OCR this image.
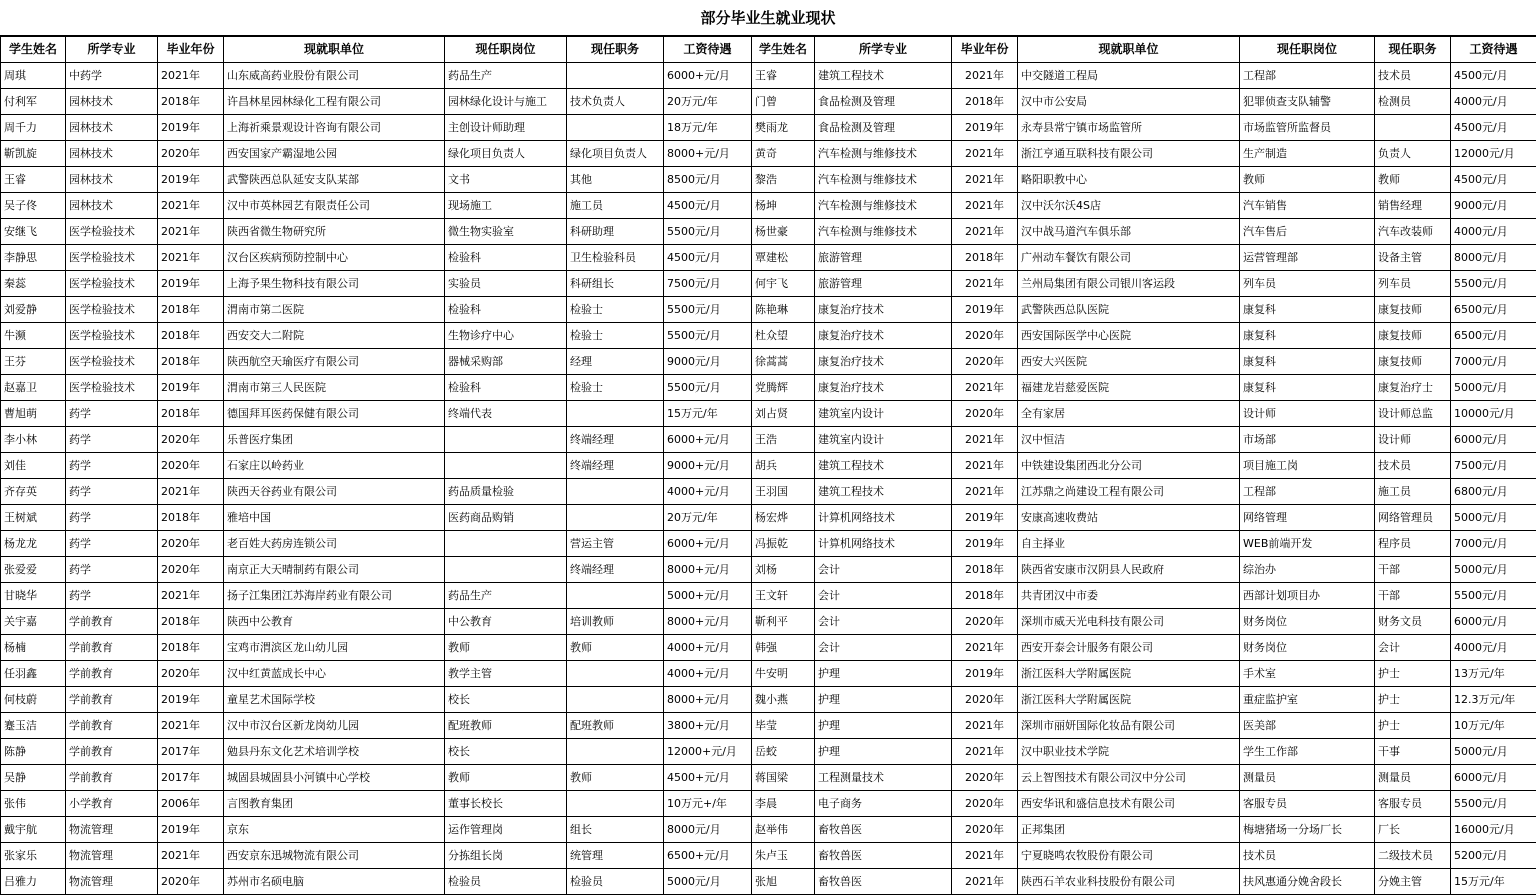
部分毕业生就业现状
学生姓名	所学专业	毕业年份	现就职单位	现任职岗位	现任职务	工资待遇	学生姓名	所学专业	毕业年份	现就职单位	现任职岗位	现任职务	工资待遇
周琪	中药学	2021年	山东威高药业股份有限公司	药品生产		6000+元/月	王睿	建筑工程技术	2021年	中交隧道工程局	工程部	技术员	4500元/月
付利军	园林技术	2018年	许昌林星园林绿化工程有限公司	园林绿化设计与施工	技术负责人	20万元/年	门曾	食品检测及管理	2018年	汉中市公安局	犯罪侦查支队辅警	检测员	4000元/月
周千力	园林技术	2019年	上海祈乘景观设计咨询有限公司	主创设计师助理		18万元/年	樊雨龙	食品检测及管理	2019年	永寿县常宁镇市场监管所	市场监管所监督员		4500元/月
靳凯旋	园林技术	2020年	西安国家产霸湿地公园	绿化项目负责人	绿化项目负责人	8000+元/月	黄奇	汽车检测与维修技术	2021年	浙江亨通互联科技有限公司	生产制造	负责人	12000元/月
王睿	园林技术	2019年	武警陕西总队延安支队某部	文书	其他	8500元/月	黎浩	汽车检测与维修技术	2021年	略阳职教中心	教师	教师	4500元/月
吴子佟	园林技术	2021年	汉中市英林园艺有限责任公司	现场施工	施工员	4500元/月	杨坤	汽车检测与维修技术	2021年	汉中沃尔沃4S店	汽车销售	销售经理	9000元/月
安继飞	医学检验技术	2021年	陕西省微生物研究所	微生物实验室	科研助理	5500元/月	杨世豪	汽车检测与维修技术	2021年	汉中战马道汽车俱乐部	汽车售后	汽车改装师	4000元/月
李静思	医学检验技术	2021年	汉台区疾病预防控制中心	检验科	卫生检验科员	4500元/月	覃建松	旅游管理	2018年	广州动车餐饮有限公司	运营管理部	设备主管	8000元/月
秦蕊	医学检验技术	2019年	上海予果生物科技有限公司	实验员	科研组长	7500元/月	何宇飞	旅游管理	2021年	兰州局集团有限公司银川客运段	列车员	列车员	5500元/月
刘爱静	医学检验技术	2018年	渭南市第二医院	检验科	检验士	5500元/月	陈艳琳	康复治疗技术	2019年	武警陕西总队医院	康复科	康复技师	6500元/月
牛濒	医学检验技术	2018年	西安交大二附院	生物诊疗中心	检验士	5500元/月	杜众望	康复治疗技术	2020年	西安国际医学中心医院	康复科	康复技师	6500元/月
王芬	医学检验技术	2018年	陕西航空天瑜医疗有限公司	器械采购部	经理	9000元/月	徐蒿蒿	康复治疗技术	2020年	西安大兴医院	康复科	康复技师	7000元/月
赵嘉卫	医学检验技术	2019年	渭南市第三人民医院	检验科	检验士	5500元/月	党腾辉	康复治疗技术	2021年	福建龙岩慈爱医院	康复科	康复治疗士	5000元/月
曹旭萌	药学	2018年	德国拜耳医药保健有限公司	终端代表		15万元/年	刘占贤	建筑室内设计	2020年	全有家居	设计师	设计师总监	10000元/月
李小林	药学	2020年	乐普医疗集团		终端经理	6000+元/月	王浩	建筑室内设计	2021年	汉中恒洁	市场部	设计师	6000元/月
刘佳	药学	2020年	石家庄以岭药业		终端经理	9000+元/月	胡兵	建筑工程技术	2021年	中铁建设集团西北分公司	项目施工岗	技术员	7500元/月
齐存英	药学	2021年	陕西天谷药业有限公司	药品质量检验		4000+元/月	王羽国	建筑工程技术	2021年	江苏鼎之尚建设工程有限公司	工程部	施工员	6800元/月
王树斌	药学	2018年	雅培中国	医药商品购销		20万元/年	杨宏烨	计算机网络技术	2019年	安康高速收费站	网络管理	网络管理员	5000元/月
杨龙龙	药学	2020年	老百姓大药房连锁公司		营运主管	6000+元/月	冯振乾	计算机网络技术	2019年	自主择业	WEB前端开发	程序员	7000元/月
张爱爱	药学	2020年	南京正大天晴制药有限公司		终端经理	8000+元/月	刘杨	会计	2018年	陕西省安康市汉阴县人民政府	综治办	干部	5000元/月
甘晓华	药学	2021年	扬子江集团江苏海岸药业有限公司	药品生产		5000+元/月	王文轩	会计	2018年	共青团汉中市委	西部计划项目办	干部	5500元/月
关宇嘉	学前教育	2018年	陕西中公教育	中公教育	培训教师	8000+元/月	靳利平	会计	2020年	深圳市威天光电科技有限公司	财务岗位	财务文员	6000元/月
杨楠	学前教育	2018年	宝鸡市渭滨区龙山幼儿园	教师	教师	4000+元/月	韩强	会计	2021年	西安开泰会计服务有限公司	财务岗位	会计	4000元/月
任羽鑫	学前教育	2020年	汉中红黄蓝成长中心	教学主管		4000+元/月	牛安明	护理	2019年	浙江医科大学附属医院	手术室	护士	13万元/年
何枝蔚	学前教育	2019年	童星艺术国际学校	校长		8000+元/月	魏小燕	护理	2020年	浙江医科大学附属医院	重症监护室	护士	12.3万元/年
蹇玉洁	学前教育	2021年	汉中市汉台区新龙岗幼儿园	配班教师	配班教师	3800+元/月	毕莹	护理	2021年	深圳市丽妍国际化妆品有限公司	医美部	护士	10万元/年
陈静	学前教育	2017年	勉县丹东文化艺术培训学校	校长		12000+元/月	岳蛟	护理	2021年	汉中职业技术学院	学生工作部	干事	5000元/月
吴静	学前教育	2017年	城固县城固县小河镇中心学校	教师	教师	4500+元/月	蒋国梁	工程测量技术	2020年	云上智图技术有限公司汉中分公司	测量员	测量员	6000元/月
张伟	小学教育	2006年	言图教育集团	董事长校长		10万元+/年	李晨	电子商务	2020年	西安华讯和盛信息技术有限公司	客服专员	客服专员	5500元/月
戴宇航	物流管理	2019年	京东	运作管理岗	组长	8000元/月	赵举伟	畜牧兽医	2020年	正邦集团	梅塘猪场一分场厂长	厂长	16000元/月
张家乐	物流管理	2021年	西安京东迅城物流有限公司	分拣组长岗	统管理	6500+元/月	朱卢玉	畜牧兽医	2021年	宁夏晓鸣农牧股份有限公司	技术员	二级技术员	5200元/月
吕雅力	物流管理	2020年	苏州市名硕电脑	检验员	检验员	5000元/月	张旭	畜牧兽医	2021年	陕西石羊农业科技股份有限公司	扶风惠通分娩舍段长	分娩主管	15万元/年
